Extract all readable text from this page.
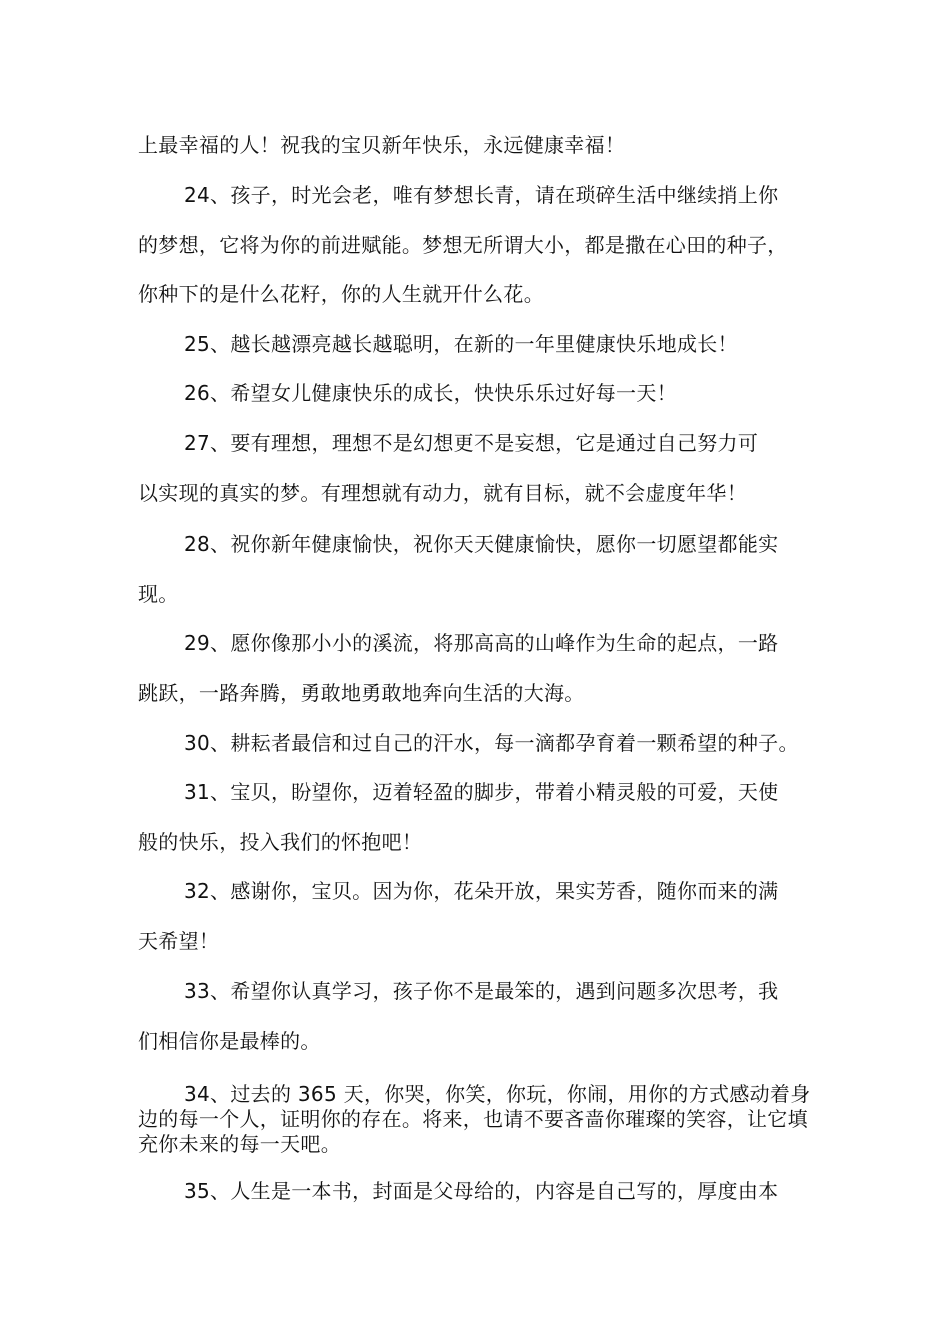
上最幸福的人！祝我的宝贝新年快乐，永远健康幸福！
24、孩子，时光会老，唯有梦想长青，请在琐碎生活中继续捎上你
的梦想，它将为你的前进赋能。梦想无所谓大小，都是撒在心田的种子，
你种下的是什么花籽，你的人生就开什么花。
25、越长越漂亮越长越聪明，在新的一年里健康快乐地成长！
26、希望女儿健康快乐的成长，快快乐乐过好每一天！
27、要有理想，理想不是幻想更不是妄想，它是通过自己努力可
以实现的真实的梦。有理想就有动力，就有目标，就不会虚度年华！
28、祝你新年健康愉快，祝你天天健康愉快，愿你一切愿望都能实
现。
29、愿你像那小小的溪流，将那高高的山峰作为生命的起点，一路
跳跃，一路奔腾，勇敢地勇敢地奔向生活的大海。
30、耕耘者最信和过自己的汗水，每一滴都孕育着一颗希望的种子。
31、宝贝，盼望你，迈着轻盈的脚步，带着小精灵般的可爱，天使
般的快乐，投入我们的怀抱吧！
32、感谢你，宝贝。因为你，花朵开放，果实芳香，随你而来的满
天希望！
33、希望你认真学习，孩子你不是最笨的，遇到问题多次思考，我
们相信你是最棒的。
34、过去的 365 天，你哭，你笑，你玩，你闹，用你的方式感动着身边的每一个人，证明你的存在。将来，也请不要吝啬你璀璨的笑容，让它填充你未来的每一天吧。
35、人生是一本书，封面是父母给的，内容是自己写的，厚度由本
